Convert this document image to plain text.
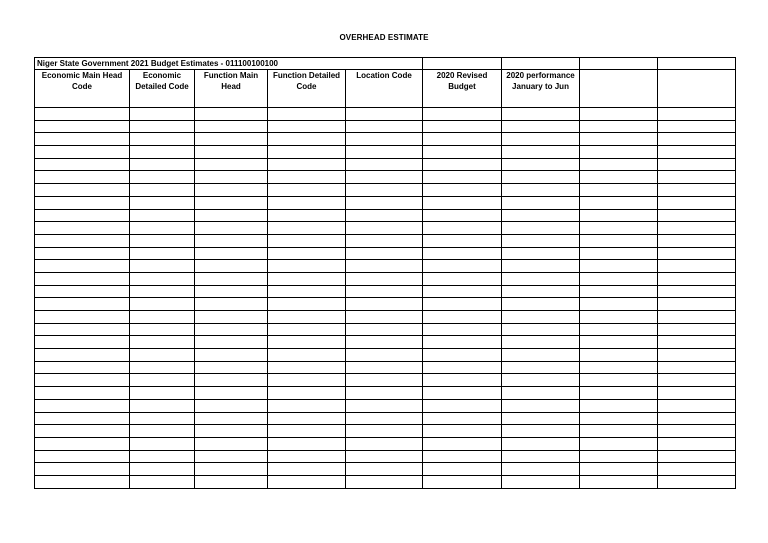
OVERHEAD ESTIMATE
Niger State Government 2021 Budget Estimates - 011100100100								
Economic Main Head Code	Economic Detailed Code	Function Main Head	Function Detailed Code	Location Code	2020 Revised Budget	2020 performance January to Jun		
